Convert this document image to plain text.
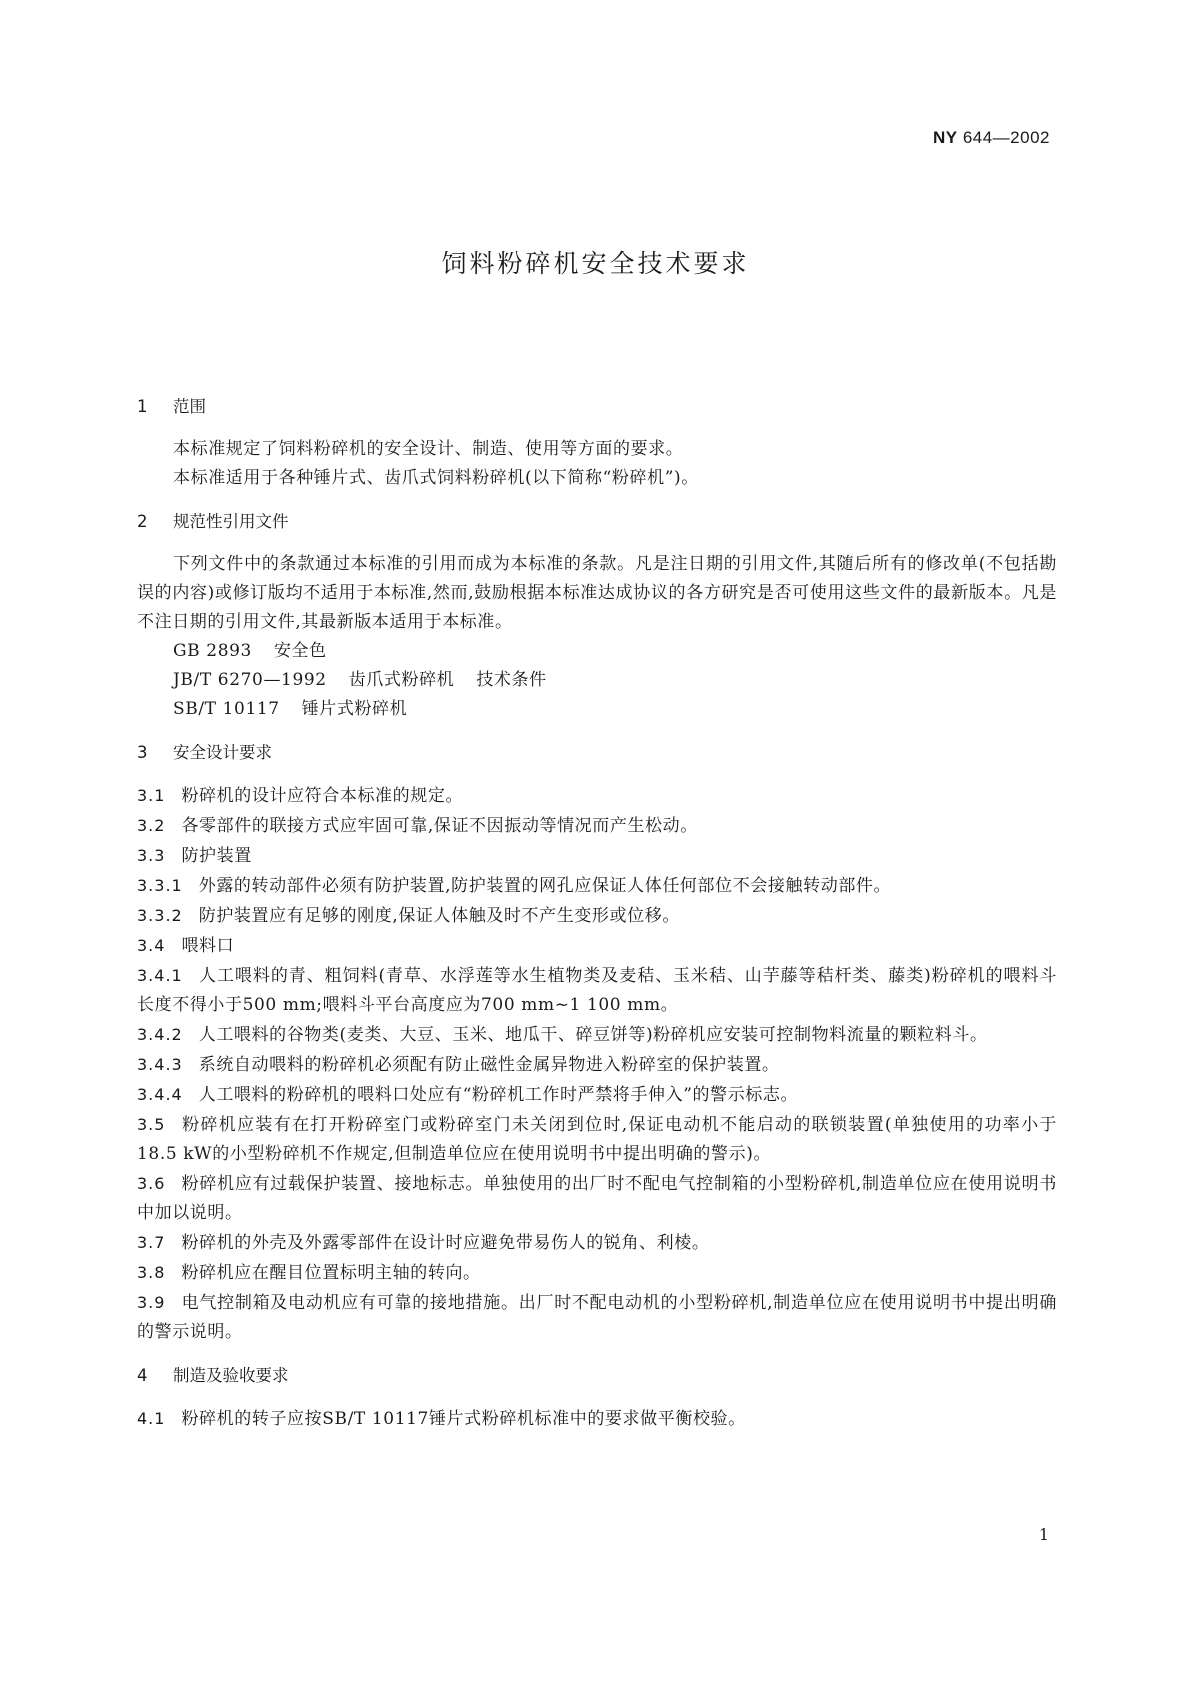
NY 644—2002
饲料粉碎机安全技术要求
1 范围

本标准规定了饲料粉碎机的安全设计、制造、使用等方面的要求。

本标准适用于各种锤片式、齿爪式饲料粉碎机(以下简称“粉碎机”)。

2 规范性引用文件

下列文件中的条款通过本标准的引用而成为本标准的条款。凡是注日期的引用文件,其随后所有的修改单(不包括勘误的内容)或修订版均不适用于本标准,然而,鼓励根据本标准达成协议的各方研究是否可使用这些文件的最新版本。凡是不注日期的引用文件,其最新版本适用于本标准。

GB 2893 安全色

JB/T 6270—1992 齿爪式粉碎机 技术条件

SB/T 10117 锤片式粉碎机

3 安全设计要求

3.1 粉碎机的设计应符合本标准的规定。

3.2 各零部件的联接方式应牢固可靠,保证不因振动等情况而产生松动。

3.3 防护装置

3.3.1 外露的转动部件必须有防护装置,防护装置的网孔应保证人体任何部位不会接触转动部件。

3.3.2 防护装置应有足够的刚度,保证人体触及时不产生变形或位移。

3.4 喂料口

3.4.1 人工喂料的青、粗饲料(青草、水浮莲等水生植物类及麦秸、玉米秸、山芋藤等秸杆类、藤类)粉碎机的喂料斗长度不得小于500 mm;喂料斗平台高度应为700 mm~1 100 mm。

3.4.2 人工喂料的谷物类(麦类、大豆、玉米、地瓜干、碎豆饼等)粉碎机应安装可控制物料流量的颗粒料斗。

3.4.3 系统自动喂料的粉碎机必须配有防止磁性金属异物进入粉碎室的保护装置。

3.4.4 人工喂料的粉碎机的喂料口处应有“粉碎机工作时严禁将手伸入”的警示标志。

3.5 粉碎机应装有在打开粉碎室门或粉碎室门未关闭到位时,保证电动机不能启动的联锁装置(单独使用的功率小于18.5 kW的小型粉碎机不作规定,但制造单位应在使用说明书中提出明确的警示)。

3.6 粉碎机应有过载保护装置、接地标志。单独使用的出厂时不配电气控制箱的小型粉碎机,制造单位应在使用说明书中加以说明。

3.7 粉碎机的外壳及外露零部件在设计时应避免带易伤人的锐角、利棱。

3.8 粉碎机应在醒目位置标明主轴的转向。

3.9 电气控制箱及电动机应有可靠的接地措施。出厂时不配电动机的小型粉碎机,制造单位应在使用说明书中提出明确的警示说明。

4 制造及验收要求

4.1 粉碎机的转子应按SB/T 10117锤片式粉碎机标准中的要求做平衡校验。

1
